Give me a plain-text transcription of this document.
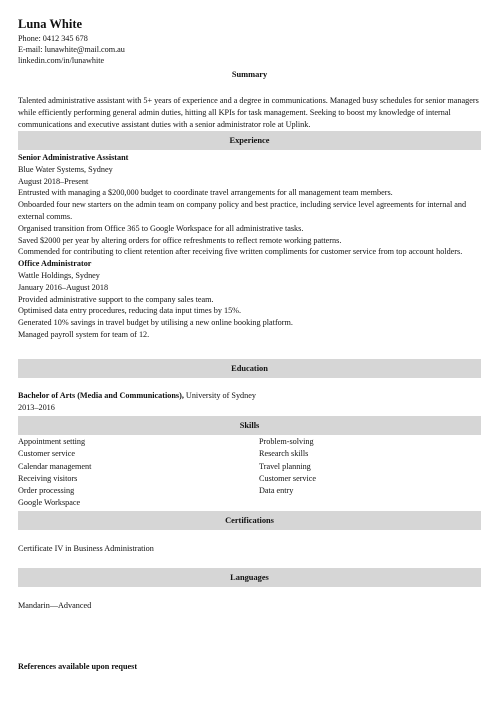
Luna White
Phone: 0412 345 678
E-mail: lunawhite@mail.com.au
linkedin.com/in/lunawhite
Summary
Talented administrative assistant with 5+ years of experience and a degree in communications. Managed busy schedules for senior managers while efficiently performing general admin duties, hitting all KPIs for task management. Seeking to boost my knowledge of internal communications and executive assistant duties with a senior administrator role at Uplink.
Experience
Senior Administrative Assistant
Blue Water Systems, Sydney
August 2018–Present
Entrusted with managing a $200,000 budget to coordinate travel arrangements for all management team members.
Onboarded four new starters on the admin team on company policy and best practice, including service level agreements for internal and external comms.
Organised transition from Office 365 to Google Workspace for all administrative tasks.
Saved $2000 per year by altering orders for office refreshments to reflect remote working patterns.
Commended for contributing to client retention after receiving five written compliments for customer service from top account holders.
Office Administrator
Wattle Holdings, Sydney
January 2016–August 2018
Provided administrative support to the company sales team.
Optimised data entry procedures, reducing data input times by 15%.
Generated 10% savings in travel budget by utilising a new online booking platform.
Managed payroll system for team of 12.
Education
Bachelor of Arts (Media and Communications), University of Sydney
2013–2016
Skills
Appointment setting
Customer service
Calendar management
Receiving visitors
Order processing
Google Workspace
Problem-solving
Research skills
Travel planning
Customer service
Data entry
Certifications
Certificate IV in Business Administration
Languages
Mandarin—Advanced
References available upon request
